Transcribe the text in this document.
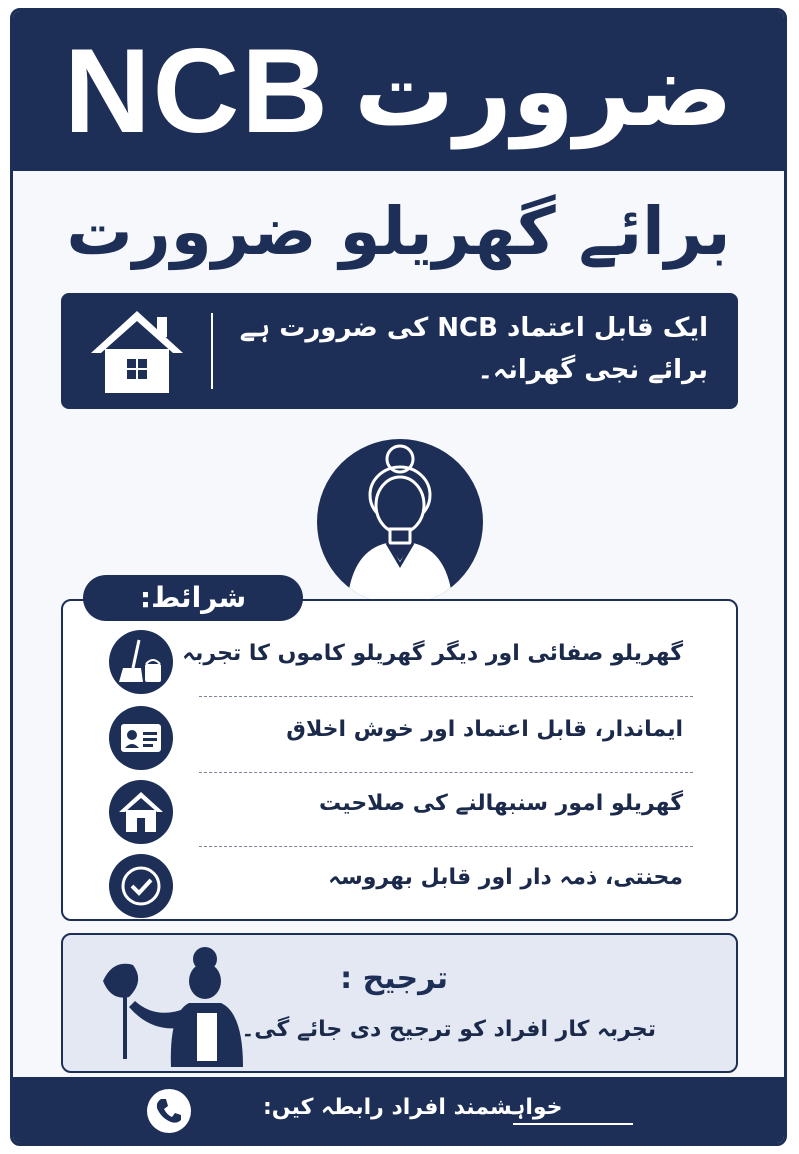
NCB ضرورت
برائے گھریلو ضرورت
ایک قابل اعتماد NCB کی ضرورت ہے
برائے نجی گھرانہ۔
شرائط:
گھریلو صفائی اور دیگر گھریلو کاموں کا تجربہ
ایماندار، قابل اعتماد اور خوش اخلاق
گھریلو امور سنبھالنے کی صلاحیت
محنتی، ذمہ دار اور قابل بھروسہ
ترجیح :
تجربہ کار افراد کو ترجیح دی جائے گی۔
خواہشمند افراد رابطہ کیں:
